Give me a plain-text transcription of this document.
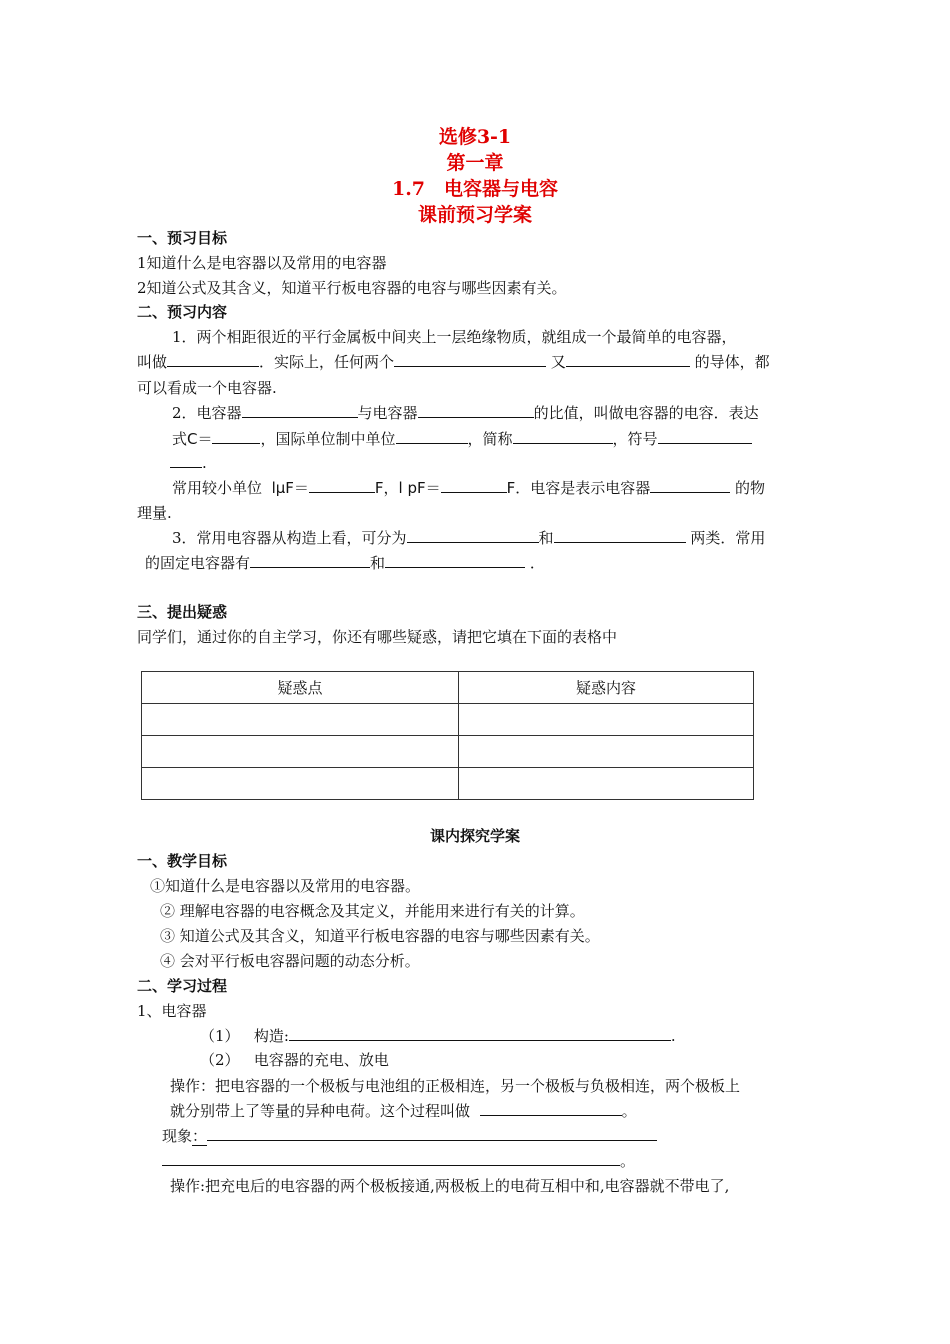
选修3-1
第一章
1.7　电容器与电容
课前预习学案
一、预习目标
1知道什么是电容器以及常用的电容器
2知道公式及其含义，知道平行板电容器的电容与哪些因素有关。
二、预习内容
1．两个相距很近的平行金属板中间夹上一层绝缘物质，就组成一个最简单的电容器，
叫做	．实际上，任何两个	又	的导体，都
可以看成一个电容器.
2．电容器	与电容器	的比值，叫做电容器的电容．表达
式C＝	，国际单位制中单位	，简称	，符号
.
常用较小单位 lμF＝	F，l pF＝	F．电容是表示电容器	的物
理量.
3．常用电容器从构造上看，可分为	和	两类．常用
的固定电容器有	和	．
三、提出疑惑
同学们，通过你的自主学习，你还有哪些疑惑，请把它填在下面的表格中
疑惑点	疑惑内容

课内探究学案
一、教学目标
①知道什么是电容器以及常用的电容器。
② 理解电容器的电容概念及其定义，并能用来进行有关的计算。
③ 知道公式及其含义，知道平行板电容器的电容与哪些因素有关。
④ 会对平行板电容器问题的动态分析。
二、学习过程
1、电容器
（1） 构造:	.
（2） 电容器的充电、放电
操作：把电容器的一个极板与电池组的正极相连，另一个极板与负极相连，两个极板上
就分别带上了等量的异种电荷。这个过程叫做	。
现象：
。
操作:把充电后的电容器的两个极板接通,两极板上的电荷互相中和,电容器就不带电了,
